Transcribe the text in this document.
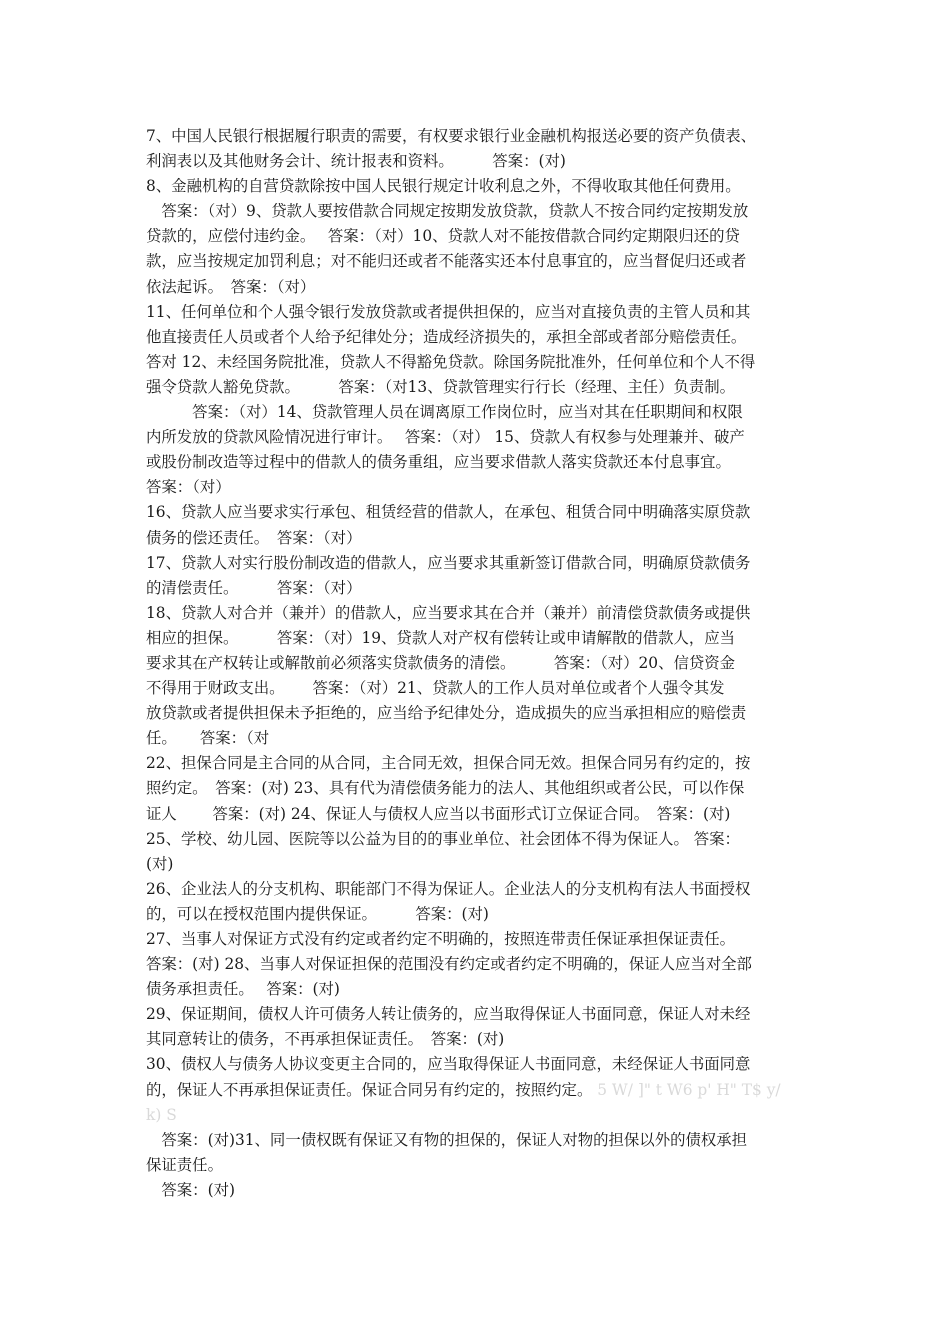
7、中国人民银行根据履行职责的需要，有权要求银行业金融机构报送必要的资产负债表、
利润表以及其他财务会计、统计报表和资料。　　　答案：(对)
8、金融机构的自营贷款除按中国人民银行规定计收利息之外，不得收取其他任何费用。
　答案：（对）9、贷款人要按借款合同规定按期发放贷款，贷款人不按合同约定按期发放
贷款的，应偿付违约金。　 答案：（对）10、贷款人对不能按借款合同约定期限归还的贷
款，应当按规定加罚利息；对不能归还或者不能落实还本付息事宜的，应当督促归还或者
依法起诉。　答案：（对）
11、任何单位和个人强令银行发放贷款或者提供担保的，应当对直接负责的主管人员和其
他直接责任人员或者个人给予纪律处分；造成经济损失的，承担全部或者部分赔偿责任。
答对 12、未经国务院批准，贷款人不得豁免贷款。除国务院批准外，任何单位和个人不得
强令贷款人豁免贷款。　　　答案：（对13、贷款管理实行行长（经理、主任）负责制。
　　　答案：（对）14、贷款管理人员在调离原工作岗位时，应当对其在任职期间和权限
内所发放的贷款风险情况进行审计。　 答案：（对） 15、贷款人有权参与处理兼并、破产
或股份制改造等过程中的借款人的债务重组，应当要求借款人落实贷款还本付息事宜。
答案：（对）
16、贷款人应当要求实行承包、租赁经营的借款人，在承包、租赁合同中明确落实原贷款
债务的偿还责任。　答案：（对）
17、贷款人对实行股份制改造的借款人，应当要求其重新签订借款合同，明确原贷款债务
的清偿责任。　　　答案：（对）
18、贷款人对合并（兼并）的借款人，应当要求其在合并（兼并）前清偿贷款债务或提供
相应的担保。　　　答案：（对）19、贷款人对产权有偿转让或申请解散的借款人，应当
要求其在产权转让或解散前必须落实贷款债务的清偿。　　　答案：（对）20、信贷资金
不得用于财政支出。　　 答案：（对）21、贷款人的工作人员对单位或者个人强令其发
放贷款或者提供担保未予拒绝的，应当给予纪律处分，造成损失的应当承担相应的赔偿责
任。　　答案：（对
22、担保合同是主合同的从合同，主合同无效，担保合同无效。担保合同另有约定的，按
照约定。　答案：(对) 23、具有代为清偿债务能力的法人、其他组织或者公民，可以作保
证人　　 答案：(对) 24、保证人与债权人应当以书面形式订立保证合同。　答案：(对)
25、学校、幼儿园、医院等以公益为目的的事业单位、社会团体不得为保证人。 答案：
(对)
26、企业法人的分支机构、职能部门不得为保证人。企业法人的分支机构有法人书面授权
的，可以在授权范围内提供保证。　　　答案：(对)
27、当事人对保证方式没有约定或者约定不明确的，按照连带责任保证承担保证责任。
答案：(对) 28、当事人对保证担保的范围没有约定或者约定不明确的，保证人应当对全部
债务承担责任。　 答案：(对)
29、保证期间，债权人许可债务人转让债务的，应当取得保证人书面同意，保证人对未经
其同意转让的债务，不再承担保证责任。　答案：(对)
30、债权人与债务人协议变更主合同的，应当取得保证人书面同意，未经保证人书面同意
的，保证人不再承担保证责任。保证合同另有约定的，按照约定。 5 W/ ]" t W6 p' H" T$ y/
k) S
　答案：(对)31、同一债权既有保证又有物的担保的，保证人对物的担保以外的债权承担
保证责任。
　答案：(对)
